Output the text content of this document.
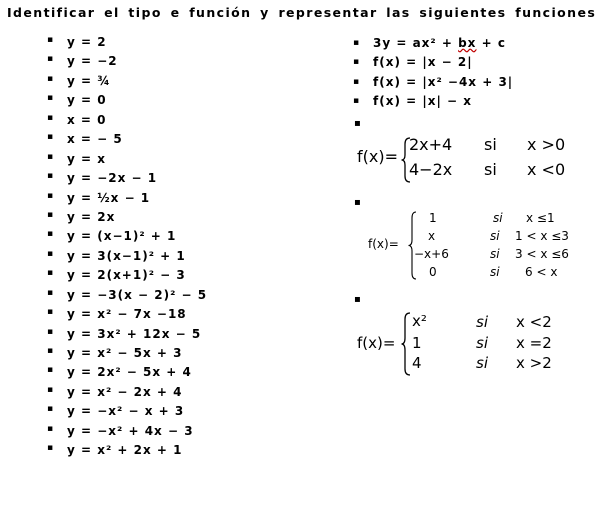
Identificar el tipo e función y representar las siguientes funciones
▪ y = 2
▪ y = −2
▪ y = ¾
▪ y = 0
▪ x = 0
▪ x = − 5
▪ y = x
▪ y = −2x − 1
▪ y = ½x − 1
▪ y = 2x
▪ y = (x−1)² + 1
▪ y = 3(x−1)² + 1
▪ y = 2(x+1)² − 3
▪ y = −3(x − 2)² − 5
▪ y = x² − 7x −18
▪ y = 3x² + 12x − 5
▪ y = x² − 5x + 3
▪ y = 2x² − 5x + 4
▪ y = x² − 2x + 4
▪ y = −x² − x + 3
▪ y = −x² + 4x − 3
▪ y = x² + 2x + 1
▪ 3y = ax² + bx + c
▪ f(x) = |x − 2|
▪ f(x) = |x² −4x + 3|
▪ f(x) = |x| − x
▪
f(x)=
2x+4 si x >0
4−2x si x <0
▪
f(x)=
1	si x ≤1
x	si 1 < x ≤3
−x+6	si 3 < x ≤6
0	si 6 < x
▪
f(x)=
x²	si x <2
1	si x =2
4	si x >2
